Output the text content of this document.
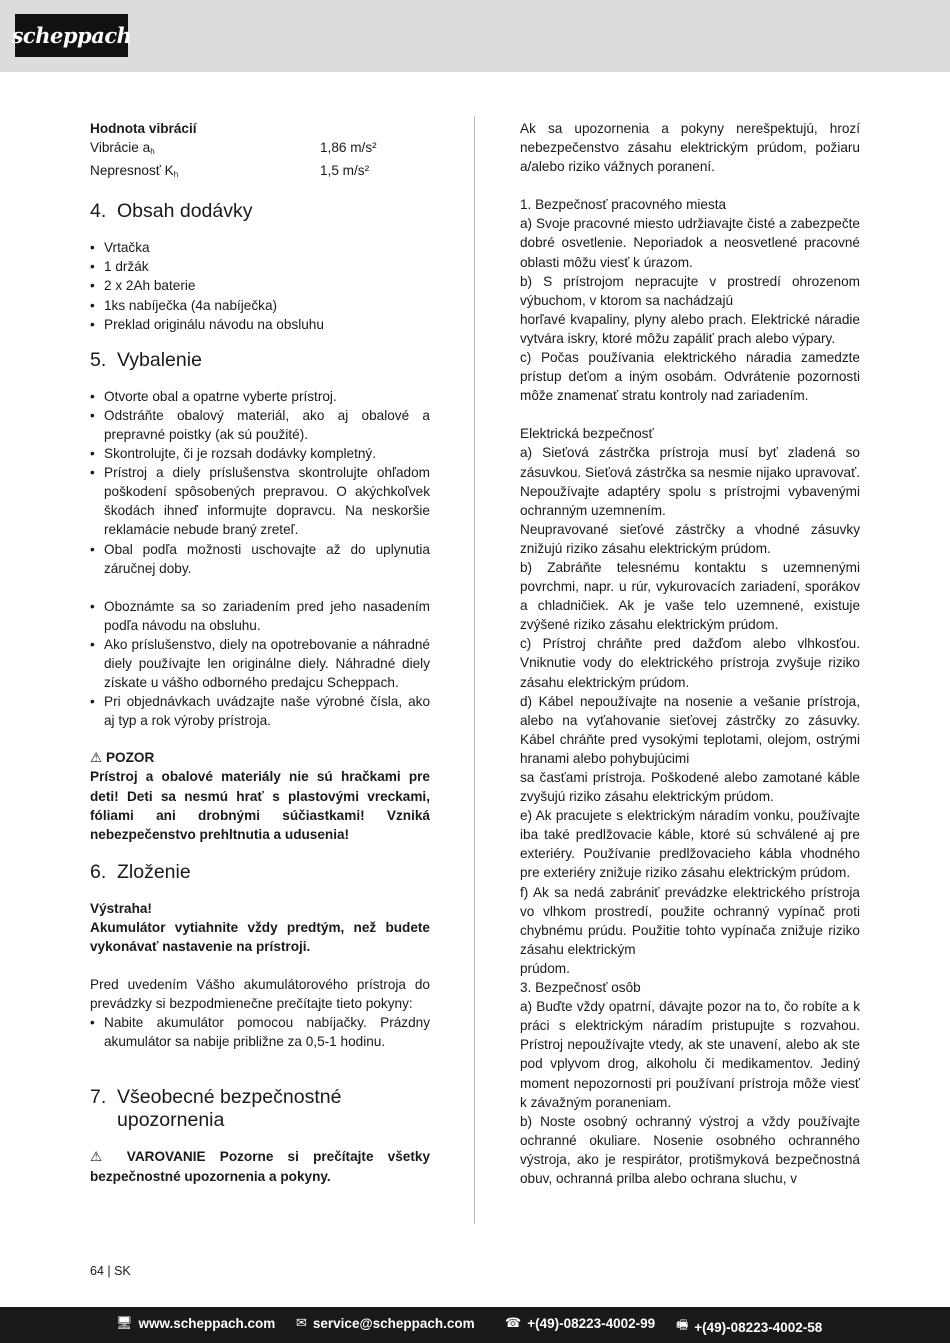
scheppach

Hodnota vibrácií

Vibrácie $a_h$	1,86 m/s²
Nepresnosť $K_h$	1,5 m/s²
4. Obsah dodávky
• Vrtačka
• 1 držák
• 2 x 2Ah baterie
• 1ks nabíječka (4a nabíječka)
• Preklad originálu návodu na obsluhu
5. Vybalenie
• Otvorte obal a opatrne vyberte prístroj.
• Odstráňte obalový materiál, ako aj obalové a prepravné poistky (ak sú použité).
• Skontrolujte, či je rozsah dodávky kompletný.
• Prístroj a diely príslušenstva skontrolujte ohľadom poškodení spôsobených prepravou. O akýchkoľvek škodách ihneď informujte dopravcu. Na neskoršie reklamácie nebude braný zreteľ.
• Obal podľa možnosti uschovajte až do uplynutia záručnej doby.
• Oboznámte sa so zariadením pred jeho nasadením podľa návodu na obsluhu.
• Ako príslušenstvo, diely na opotrebovanie a náhradné diely používajte len originálne diely. Náhradné diely získate u vášho odborného predajcu Scheppach.
• Pri objednávkach uvádzajte naše výrobné čísla, ako aj typ a rok výroby prístroja.

⚠ POZOR

Prístroj a obalové materiály nie sú hračkami pre deti! Deti sa nesmú hrať s plastovými vreckami, fóliami ani drobnými súčiastkami! Vzniká nebezpečenstvo prehltnutia a udusenia!

6. Zloženie

Výstraha!

Akumulátor vytiahnite vždy predtým, než budete vykonávať nastavenie na prístroji.

Pred uvedením Vášho akumulátorového prístroja do prevádzky si bezpodmienečne prečítajte tieto pokyny:

• Nabite akumulátor pomocou nabíjačky. Prázdny akumulátor sa nabije približne za 0,5-1 hodinu.
7. Všeobecné bezpečnostné upozornenia

⚠ VAROVANIE Pozorne si prečítajte všetky bezpečnostné upozornenia a pokyny.

Ak sa upozornenia a pokyny nerešpektujú, hrozí nebezpečenstvo zásahu elektrickým prúdom, požiaru a/alebo riziko vážnych poranení.

1. Bezpečnosť pracovného miesta

a) Svoje pracovné miesto udržiavajte čisté a zabezpečte dobré osvetlenie. Neporiadok a neosvetlené pracovné oblasti môžu viesť k úrazom.

b) S prístrojom nepracujte v prostredí ohrozenom výbuchom, v ktorom sa nachádzajú

horľavé kvapaliny, plyny alebo prach. Elektrické náradie vytvára iskry, ktoré môžu zapáliť prach alebo výpary.

c) Počas používania elektrického náradia zamedzte prístup deťom a iným osobám. Odvrátenie pozornosti môže znamenať stratu kontroly nad zariadením.

Elektrická bezpečnosť

a) Sieťová zástrčka prístroja musí byť zladená so zásuvkou. Sieťová zástrčka sa nesmie nijako upravovať. Nepoužívajte adaptéry spolu s prístrojmi vybavenými ochranným uzemnením.

Neupravované sieťové zástrčky a vhodné zásuvky znižujú riziko zásahu elektrickým prúdom.

b) Zabráňte telesnému kontaktu s uzemnenými povrchmi, napr. u rúr, vykurovacích zariadení, sporákov a chladničiek. Ak je vaše telo uzemnené, existuje zvýšené riziko zásahu elektrickým prúdom.

c) Prístroj chráňte pred dažďom alebo vlhkosťou. Vniknutie vody do elektrického prístroja zvyšuje riziko zásahu elektrickým prúdom.

d) Kábel nepoužívajte na nosenie a vešanie prístroja, alebo na vyťahovanie sieťovej zástrčky zo zásuvky. Kábel chráňte pred vysokými teplotami, olejom, ostrými hranami alebo pohybujúcimi

sa časťami prístroja. Poškodené alebo zamotané káble zvyšujú riziko zásahu elektrickým prúdom.

e) Ak pracujete s elektrickým náradím vonku, používajte iba také predlžovacie káble, ktoré sú schválené aj pre exteriéry. Používanie predlžovacieho kábla vhodného pre exteriéry znižuje riziko zásahu elektrickým prúdom.

f) Ak sa nedá zabrániť prevádzke elektrického prístroja vo vlhkom prostredí, použite ochranný vypínač proti chybnému prúdu. Použitie tohto vypínača znižuje riziko zásahu elektrickým

prúdom.

3. Bezpečnosť osôb

a) Buďte vždy opatrní, dávajte pozor na to, čo robíte a k práci s elektrickým náradím pristupujte s rozvahou. Prístroj nepoužívajte vtedy, ak ste unavení, alebo ak ste pod vplyvom drog, alkoholu či medikamentov. Jediný moment nepozornosti pri používaní prístroja môže viesť k závažným poraneniam.

b) Noste osobný ochranný výstroj a vždy používajte ochranné okuliare. Nosenie osobného ochranného výstroja, ako je respirátor, protišmyková bezpečnostná obuv, ochranná prilba alebo ochrana sluchu, v

64 | SK
🖥 www.scheppach.com ✉ service@scheppach.com ☎ +(49)-08223-4002-99 🖷 +(49)-08223-4002-58
